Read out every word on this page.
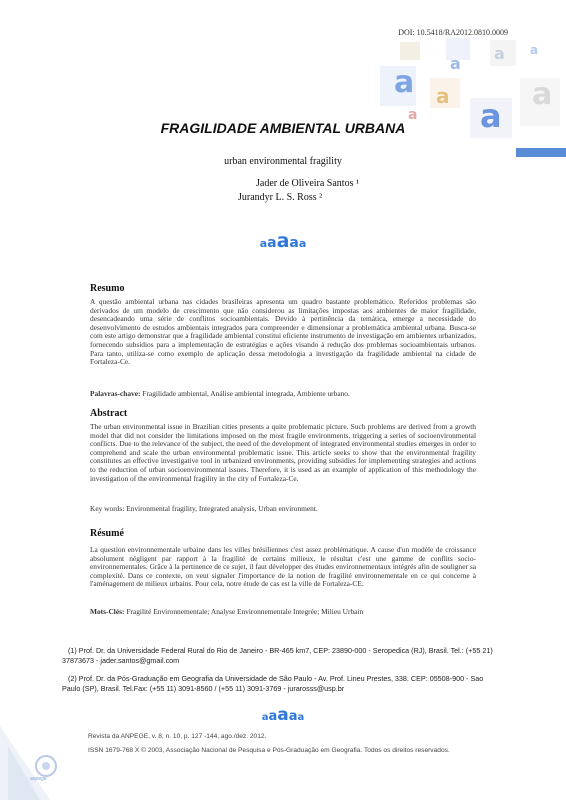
DOI: 10.5418/RA2012.0810.0009
a
a
a
a
a
a
a
a
FRAGILIDADE AMBIENTAL URBANA
urban environmental fragility
Jader de Oliveira Santos ¹
Jurandyr L. S. Ross ²
aaaaa
Resumo
A questão ambiental urbana nas cidades brasileiras apresenta um quadro bastante problemático. Referidos problemas são derivados de um modelo de crescimento que não considerou as limitações impostas aos ambientes de maior fragilidade, desencadeando uma série de conflitos socioambientais. Devido à pertinência da temática, emerge a necessidade do desenvolvimento de estudos ambientais integrados para compreender e dimensionar a problemática ambiental urbana. Busca-se com este artigo demonstrar que a fragilidade ambiental constitui eficiente instrumento de investigação em ambientes urbanizados, fornecendo subsídios para a implementação de estratégias e ações visando à redução dos problemas socioambientais urbanos. Para tanto, utiliza-se como exemplo de aplicação dessa metodologia a investigação da fragilidade ambiental na cidade de Fortaleza-Ce.
Palavras-chave: Fragilidade ambiental, Análise ambiental integrada, Ambiente urbano.
Abstract
The urban environmental issue in Brazilian cities presents a quite problematic picture. Such problems are derived from a growth model that did not consider the limitations imposed on the most fragile environments, triggering a series of socioenvironmental conflicts. Due to the relevance of the subject, the need of the development of integrated environmental studies emerges in order to comprehend and scale the urban environmental problematic issue. This article seeks to show that the environmental fragility constitutes an effective investigative tool in urbanized environments, providing subsidies for implementing strategies and actions to the reduction of urban socioenvironmental issues. Therefore, it is used as an example of application of this methodology the investigation of the environmental fragility in the city of Fortaleza-Ce.
Key words: Environmental fragility, Integrated analysis, Urban environment.
Résumé
La question environnementale urbaine dans les villes brésiliennes c'est assez problématique. A cause d'un modèle de croissance absolument négligent par rapport à la fragilité de certains milieux, le résultat c'est une gamme de conflits socio-environnementales. Grâce à la pertinence de ce sujet, il faut développer des études environnementaux intégrés afin de souligner sa complexité. Dans ce contexte, on veut signaler l'importance de la notion de fragilité environnementale en ce qui concerne à l'aménagement de milieux urbains. Pour cela, notre étude de cas est la ville de Fortaleza-CE.
Mots-Clés: Fragilité Environnementale; Analyse Environnementale Integrée; Milieu Urbain
(1) Prof. Dr. da Universidade Federal Rural do Rio de Janeiro - BR-465 km7, CEP: 23890-000 - Seropedica (RJ), Brasil. Tel.: (+55 21) 37873673 - jader.santos@gmail.com
(2) Prof. Dr. da Pós-Graduação em Geografia da Universidade de São Paulo - Av. Prof. Lineu Prestes, 338. CEP: 05508-900 - Sao Paulo (SP), Brasil. Tel.Fax: (+55 11) 3091-8560 / (+55 11) 3091-3769 - jurarosss@usp.br
aaaaa
anpege
Revista da ANPEGE, v. 8, n. 10, p. 127 -144, ago./dez. 2012.
ISSN 1679-768 X © 2003, Associação Nacional de Pesquisa e Pós-Graduação em Geografia. Todos os direitos reservados.
